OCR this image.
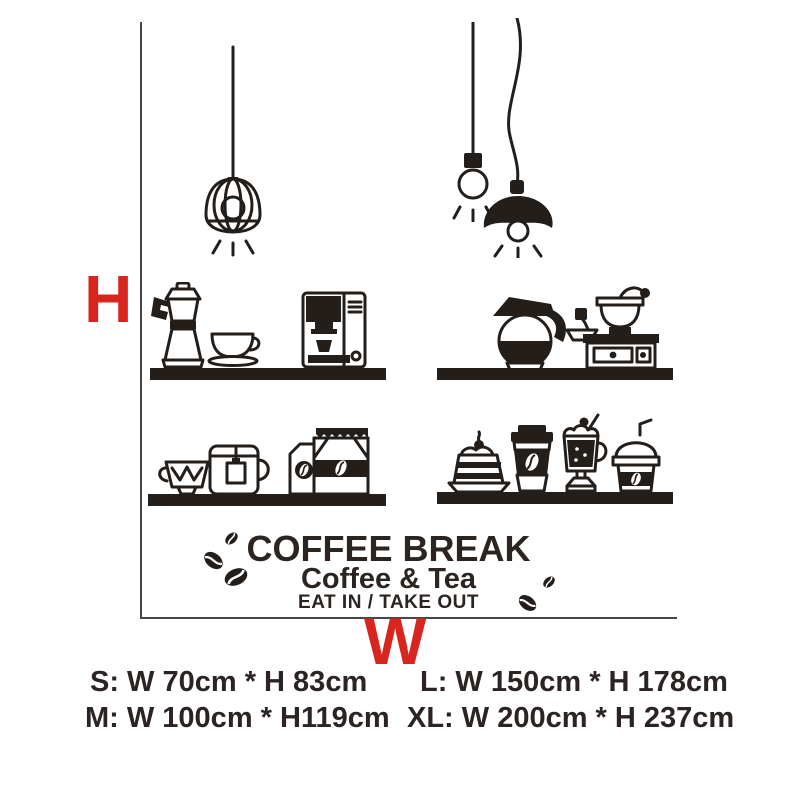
H
W
COFFEE BREAK
Coffee & Tea
EAT IN / TAKE OUT
S: W 70cm * H 83cm L: W 150cm * H 178cm
M: W 100cm * H119cm XL: W 200cm * H 237cm
